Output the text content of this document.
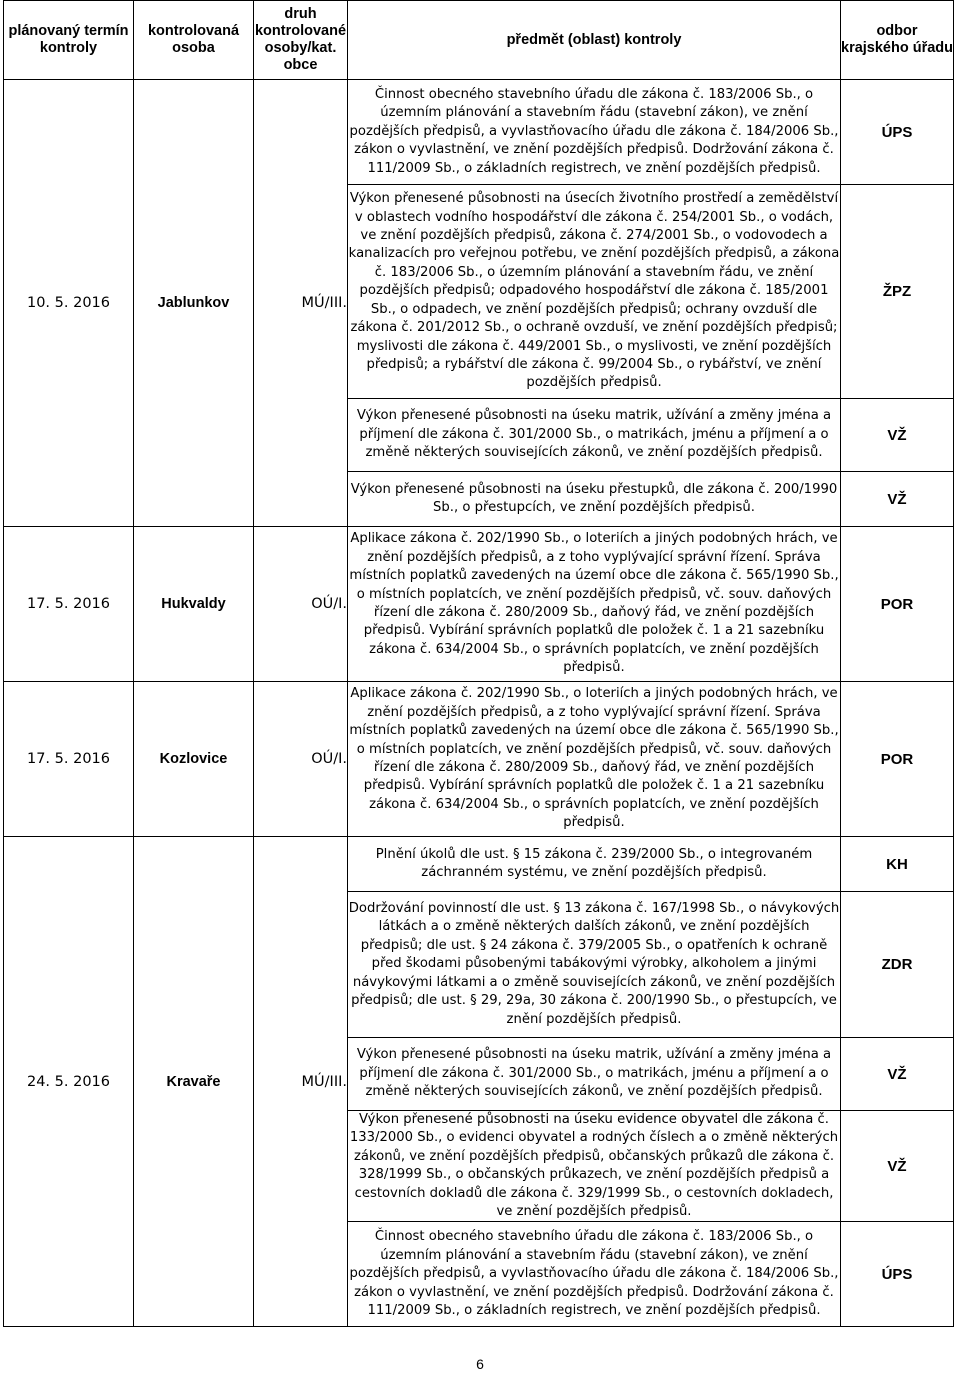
plánovaný termín kontroly	kontrolovaná osoba	druh kontrolované osoby/kat. obce	předmět (oblast) kontroly	odbor krajského úřadu
10. 5. 2016	Jablunkov	MÚ/III.	Činnost obecného stavebního úřadu dle zákona č. 183/2006 Sb., o územním plánování a stavebním řádu (stavební zákon), ve znění pozdějších předpisů, a vyvlastňovacího úřadu dle zákona č. 184/2006 Sb., zákon o vyvlastnění, ve znění pozdějších předpisů. Dodržování zákona č. 111/2009 Sb., o základních registrech, ve znění pozdějších předpisů.	ÚPS
			Výkon přenesené působnosti na úsecích životního prostředí a zemědělství v oblastech vodního hospodářství dle zákona č. 254/2001 Sb., o vodách, ve znění pozdějších předpisů, zákona č. 274/2001 Sb., o vodovodech a kanalizacích pro veřejnou potřebu, ve znění pozdějších předpisů, a zákona č. 183/2006 Sb., o územním plánování a stavebním řádu, ve znění pozdějších předpisů; odpadového hospodářství dle zákona č. 185/2001 Sb., o odpadech, ve znění pozdějších předpisů; ochrany ovzduší dle zákona č. 201/2012 Sb., o ochraně ovzduší, ve znění pozdějších předpisů; myslivosti dle zákona č. 449/2001 Sb., o myslivosti, ve znění pozdějších předpisů; a rybářství dle zákona č. 99/2004 Sb., o rybářství, ve znění pozdějších předpisů.	ŽPZ
			Výkon přenesené působnosti na úseku matrik, užívání a změny jména a příjmení dle zákona č. 301/2000 Sb., o matrikách, jménu a příjmení a o změně některých souvisejících zákonů, ve znění pozdějších předpisů.	VŽ
			Výkon přenesené působnosti na úseku přestupků, dle zákona č. 200/1990 Sb., o přestupcích, ve znění pozdějších předpisů.	VŽ
17. 5. 2016	Hukvaldy	OÚ/I.	Aplikace zákona č. 202/1990 Sb., o loteriích a jiných podobných hrách, ve znění pozdějších předpisů, a z toho vyplývající správní řízení. Správa místních poplatků zavedených na území obce dle zákona č. 565/1990 Sb., o místních poplatcích, ve znění pozdějších předpisů, vč. souv. daňových řízení dle zákona č. 280/2009 Sb., daňový řád, ve znění pozdějších předpisů. Vybírání správních poplatků dle položek č. 1 a 21 sazebníku zákona č. 634/2004 Sb., o správních poplatcích, ve znění pozdějších předpisů.	POR
17. 5. 2016	Kozlovice	OÚ/I.	Aplikace zákona č. 202/1990 Sb., o loteriích a jiných podobných hrách, ve znění pozdějších předpisů, a z toho vyplývající správní řízení. Správa místních poplatků zavedených na území obce dle zákona č. 565/1990 Sb., o místních poplatcích, ve znění pozdějších předpisů, vč. souv. daňových řízení dle zákona č. 280/2009 Sb., daňový řád, ve znění pozdějších předpisů. Vybírání správních poplatků dle položek č. 1 a 21 sazebníku zákona č. 634/2004 Sb., o správních poplatcích, ve znění pozdějších předpisů.	POR
24. 5. 2016	Kravaře	MÚ/III.	Plnění úkolů dle ust. § 15 zákona č. 239/2000 Sb., o integrovaném záchranném systému, ve znění pozdějších předpisů.	KH
			Dodržování povinností dle ust. § 13 zákona č. 167/1998 Sb., o návykových látkách a o změně některých dalších zákonů, ve znění pozdějších předpisů; dle ust. § 24 zákona č. 379/2005 Sb., o opatřeních k ochraně před škodami působenými tabákovými výrobky, alkoholem a jinými návykovými látkami a o změně souvisejících zákonů, ve znění pozdějších předpisů; dle ust. § 29, 29a, 30 zákona č. 200/1990 Sb., o přestupcích, ve znění pozdějších předpisů.	ZDR
			Výkon přenesené působnosti na úseku matrik, užívání a změny jména a příjmení dle zákona č. 301/2000 Sb., o matrikách, jménu a příjmení a o změně některých souvisejících zákonů, ve znění pozdějších předpisů.	VŽ
			Výkon přenesené působnosti na úseku evidence obyvatel dle zákona č. 133/2000 Sb., o evidenci obyvatel a rodných číslech a o změně některých zákonů, ve znění pozdějších předpisů, občanských průkazů dle zákona č. 328/1999 Sb., o občanských průkazech, ve znění pozdějších předpisů a cestovních dokladů dle zákona č. 329/1999 Sb., o cestovních dokladech, ve znění pozdějších předpisů.	VŽ
			Činnost obecného stavebního úřadu dle zákona č. 183/2006 Sb., o územním plánování a stavebním řádu (stavební zákon), ve znění pozdějších předpisů, a vyvlastňovacího úřadu dle zákona č. 184/2006 Sb., zákon o vyvlastnění, ve znění pozdějších předpisů. Dodržování zákona č. 111/2009 Sb., o základních registrech, ve znění pozdějších předpisů.	ÚPS
6
